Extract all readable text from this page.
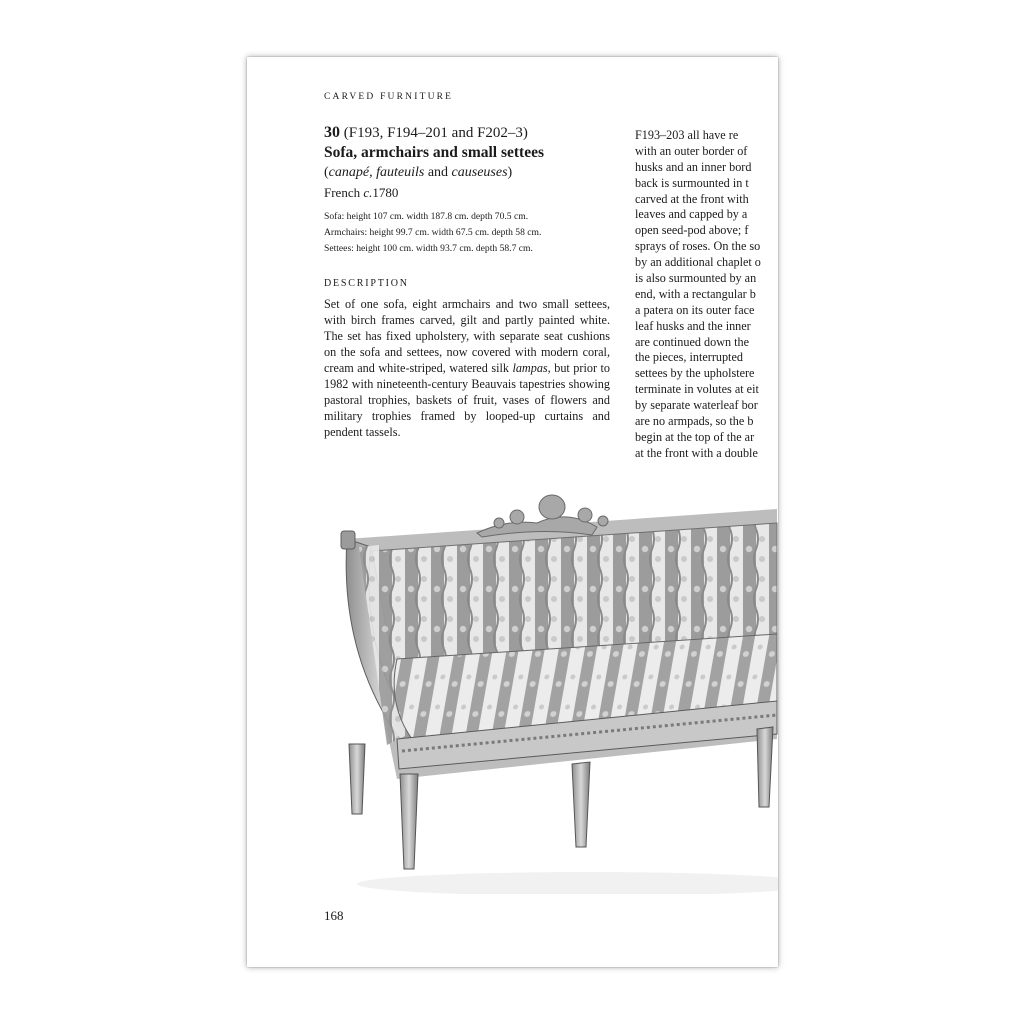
CARVED FURNITURE
30 (F193, F194–201 and F202–3)
Sofa, armchairs and small settees
(canapé, fauteuils and causeuses)
French c.1780
Sofa: height 107 cm. width 187.8 cm. depth 70.5 cm.
Armchairs: height 99.7 cm. width 67.5 cm. depth 58 cm.
Settees: height 100 cm. width 93.7 cm. depth 58.7 cm.
DESCRIPTION
Set of one sofa, eight armchairs and two small settees, with birch frames carved, gilt and partly painted white. The set has fixed upholstery, with separate seat cushions on the sofa and settees, now covered with modern coral, cream and white-striped, watered silk lampas, but prior to 1982 with nineteenth-century Beauvais tapestries showing pastoral trophies, baskets of fruit, vases of flowers and military trophies framed by looped-up curtains and pendent tassels.
F193–203 all have re
with an outer border of
husks and an inner bord
back is surmounted in t
carved at the front with
leaves and capped by a
open seed-pod above; f
sprays of roses. On the so
by an additional chaplet o
is also surmounted by an
end, with a rectangular b
a patera on its outer face
leaf husks and the inner
are continued down the
the pieces, interrupted
settees by the upholstere
terminate in volutes at eit
by separate waterleaf bor
are no armpads, so the b
begin at the top of the ar
at the front with a double
168
